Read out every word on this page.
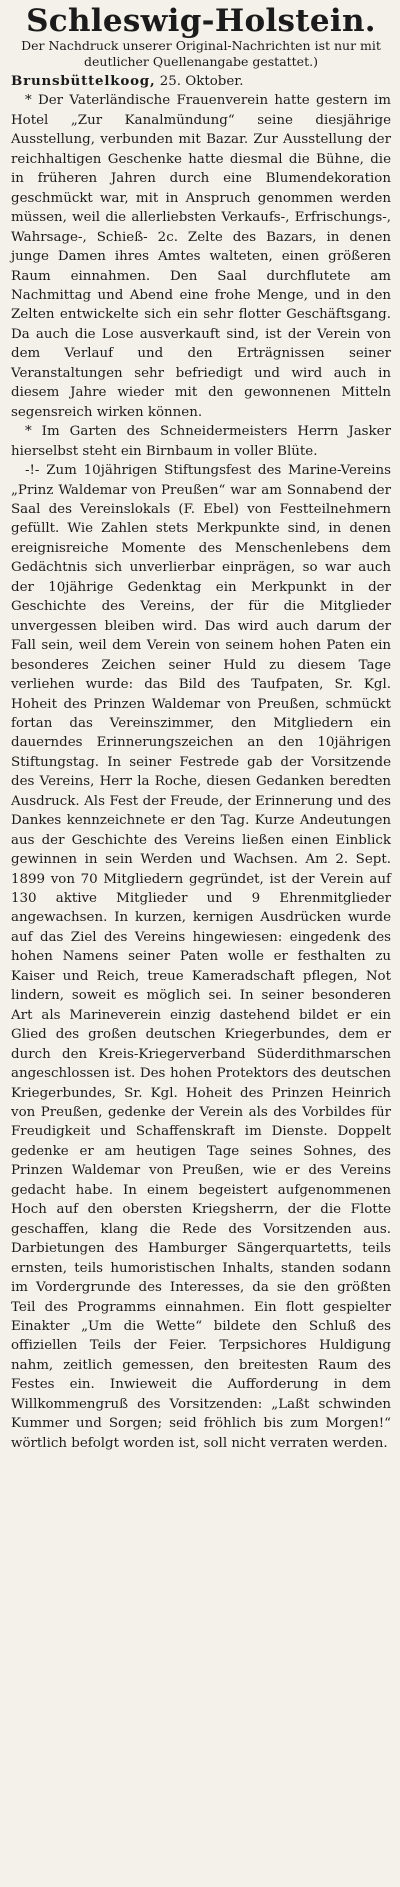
Schleswig-Holstein.
Der Nachdruck unserer Original-Nachrichten ist nur mit deutlicher Quellenangabe gestattet.)

Brunsbüttelkoog, 25. Oktober.

* Der Vaterländische Frauenverein hatte gestern im Hotel „Zur Kanalmündung“ seine diesjährige Ausstellung, verbunden mit Bazar. Zur Ausstellung der reichhaltigen Geschenke hatte diesmal die Bühne, die in früheren Jahren durch eine Blumendekoration geschmückt war, mit in Anspruch genommen werden müssen, weil die allerliebsten Verkaufs-, Erfrischungs-, Wahrsage-, Schieß- 2c. Zelte des Bazars, in denen junge Damen ihres Amtes walteten, einen größeren Raum einnahmen. Den Saal durchflutete am Nachmittag und Abend eine frohe Menge, und in den Zelten entwickelte sich ein sehr flotter Geschäftsgang. Da auch die Lose ausverkauft sind, ist der Verein von dem Verlauf und den Erträgnissen seiner Veranstaltungen sehr befriedigt und wird auch in diesem Jahre wieder mit den gewonnenen Mitteln segensreich wirken können.

* Im Garten des Schneidermeisters Herrn Jasker hierselbst steht ein Birnbaum in voller Blüte.

-!- Zum 10jährigen Stiftungsfest des Marine-Vereins „Prinz Waldemar von Preußen“ war am Sonnabend der Saal des Vereinslokals (F. Ebel) von Festteilnehmern gefüllt. Wie Zahlen stets Merkpunkte sind, in denen ereignisreiche Momente des Menschenlebens dem Gedächtnis sich unverlierbar einprägen, so war auch der 10jährige Gedenktag ein Merkpunkt in der Geschichte des Vereins, der für die Mitglieder unvergessen bleiben wird. Das wird auch darum der Fall sein, weil dem Verein von seinem hohen Paten ein besonderes Zeichen seiner Huld zu diesem Tage verliehen wurde: das Bild des Taufpaten, Sr. Kgl. Hoheit des Prinzen Waldemar von Preußen, schmückt fortan das Vereinszimmer, den Mitgliedern ein dauerndes Erinnerungszeichen an den 10jährigen Stiftungstag. In seiner Festrede gab der Vorsitzende des Vereins, Herr la Roche, diesen Gedanken beredten Ausdruck. Als Fest der Freude, der Erinnerung und des Dankes kennzeichnete er den Tag. Kurze Andeutungen aus der Geschichte des Vereins ließen einen Einblick gewinnen in sein Werden und Wachsen. Am 2. Sept. 1899 von 70 Mitgliedern gegründet, ist der Verein auf 130 aktive Mitglieder und 9 Ehrenmitglieder angewachsen. In kurzen, kernigen Ausdrücken wurde auf das Ziel des Vereins hingewiesen: eingedenk des hohen Namens seiner Paten wolle er festhalten zu Kaiser und Reich, treue Kameradschaft pflegen, Not lindern, soweit es möglich sei. In seiner besonderen Art als Marineverein einzig dastehend bildet er ein Glied des großen deutschen Kriegerbundes, dem er durch den Kreis-Kriegerverband Süderdithmarschen angeschlossen ist. Des hohen Protektors des deutschen Kriegerbundes, Sr. Kgl. Hoheit des Prinzen Heinrich von Preußen, gedenke der Verein als des Vorbildes für Freudigkeit und Schaffenskraft im Dienste. Doppelt gedenke er am heutigen Tage seines Sohnes, des Prinzen Waldemar von Preußen, wie er des Vereins gedacht habe. In einem begeistert aufgenommenen Hoch auf den obersten Kriegsherrn, der die Flotte geschaffen, klang die Rede des Vorsitzenden aus. Darbietungen des Hamburger Sängerquartetts, teils ernsten, teils humoristischen Inhalts, standen sodann im Vordergrunde des Interesses, da sie den größten Teil des Programms einnahmen. Ein flott gespielter Einakter „Um die Wette“ bildete den Schluß des offiziellen Teils der Feier. Terpsichores Huldigung nahm, zeitlich gemessen, den breitesten Raum des Festes ein. Inwieweit die Aufforderung in dem Willkommengruß des Vorsitzenden: „Laßt schwinden Kummer und Sorgen; seid fröhlich bis zum Morgen!“ wörtlich befolgt worden ist, soll nicht verraten werden.
